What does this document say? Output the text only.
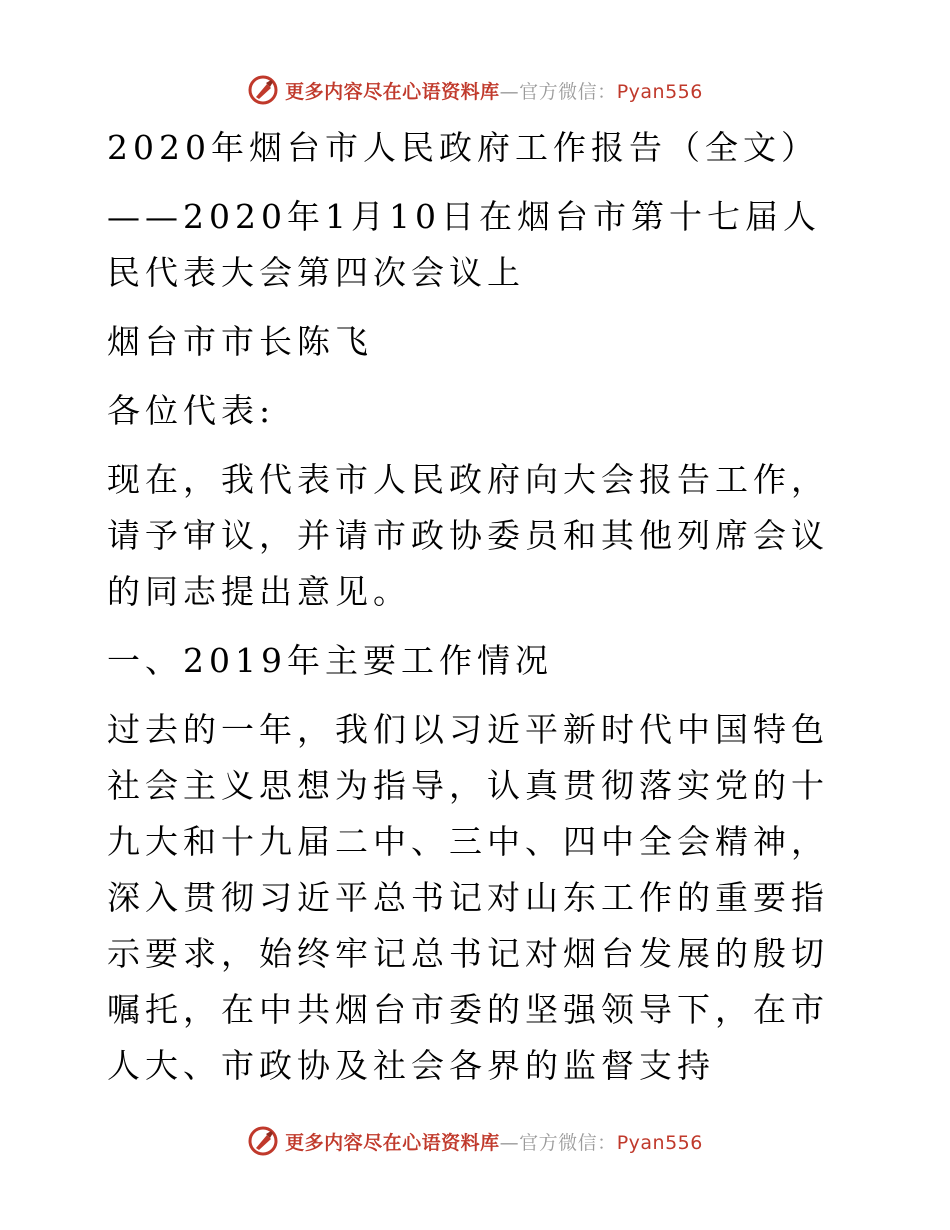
更多内容尽在心语资料库—官方微信：Pyan556

2020年烟台市人民政府工作报告（全文）

——2020年1月10日在烟台市第十七届人民代表大会第四次会议上

烟台市市长陈飞

各位代表:

现在，我代表市人民政府向大会报告工作，请予审议，并请市政协委员和其他列席会议的同志提出意见。

一、2019年主要工作情况

过去的一年，我们以习近平新时代中国特色社会主义思想为指导，认真贯彻落实党的十九大和十九届二中、三中、四中全会精神，深入贯彻习近平总书记对山东工作的重要指示要求，始终牢记总书记对烟台发展的殷切嘱托，在中共烟台市委的坚强领导下，在市人大、市政协及社会各界的监督支持

更多内容尽在心语资料库—官方微信：Pyan556
